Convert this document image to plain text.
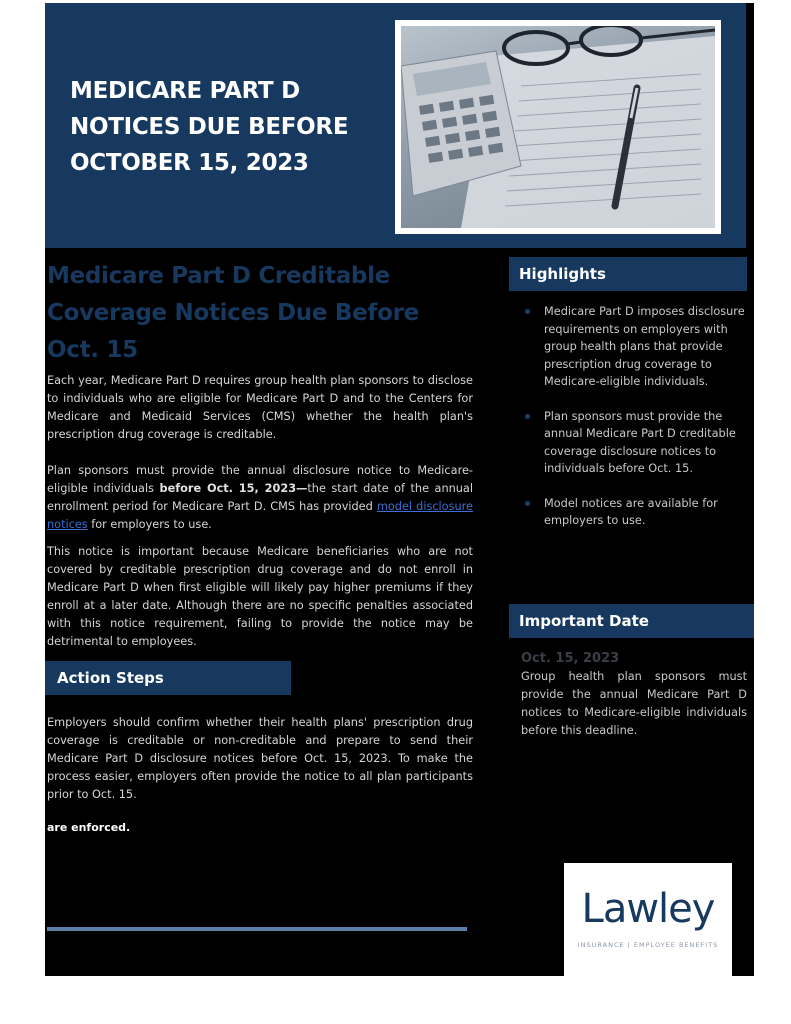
MEDICARE PART D
NOTICES DUE BEFORE
OCTOBER 15, 2023
Medicare Part D Creditable
Coverage Notices Due Before
Oct. 15

Each year, Medicare Part D requires group health plan sponsors to disclose to individuals who are eligible for Medicare Part D and to the Centers for Medicare and Medicaid Services (CMS) whether the health plan's prescription drug coverage is creditable.

Plan sponsors must provide the annual disclosure notice to Medicare-eligible individuals before Oct. 15, 2023—the start date of the annual enrollment period for Medicare Part D. CMS has provided model disclosure notices for employers to use.

This notice is important because Medicare beneficiaries who are not covered by creditable prescription drug coverage and do not enroll in Medicare Part D when first eligible will likely pay higher premiums if they enroll at a later date. Although there are no specific penalties associated with this notice requirement, failing to provide the notice may be detrimental to employees.

Action Steps

Employers should confirm whether their health plans' prescription drug coverage is creditable or non-creditable and prepare to send their Medicare Part D disclosure notices before Oct. 15, 2023. To make the process easier, employers often provide the notice to all plan participants prior to Oct. 15.

are enforced.
Highlights
Medicare Part D imposes disclosure requirements on employers with group health plans that provide prescription drug coverage to Medicare-eligible individuals.
Plan sponsors must provide the annual Medicare Part D creditable coverage disclosure notices to individuals before Oct. 15.
Model notices are available for employers to use.
Important Date
Oct. 15, 2023

Group health plan sponsors must provide the annual Medicare Part D notices to Medicare-eligible individuals before this deadline.

Lawley
INSURANCE | EMPLOYEE BENEFITS
